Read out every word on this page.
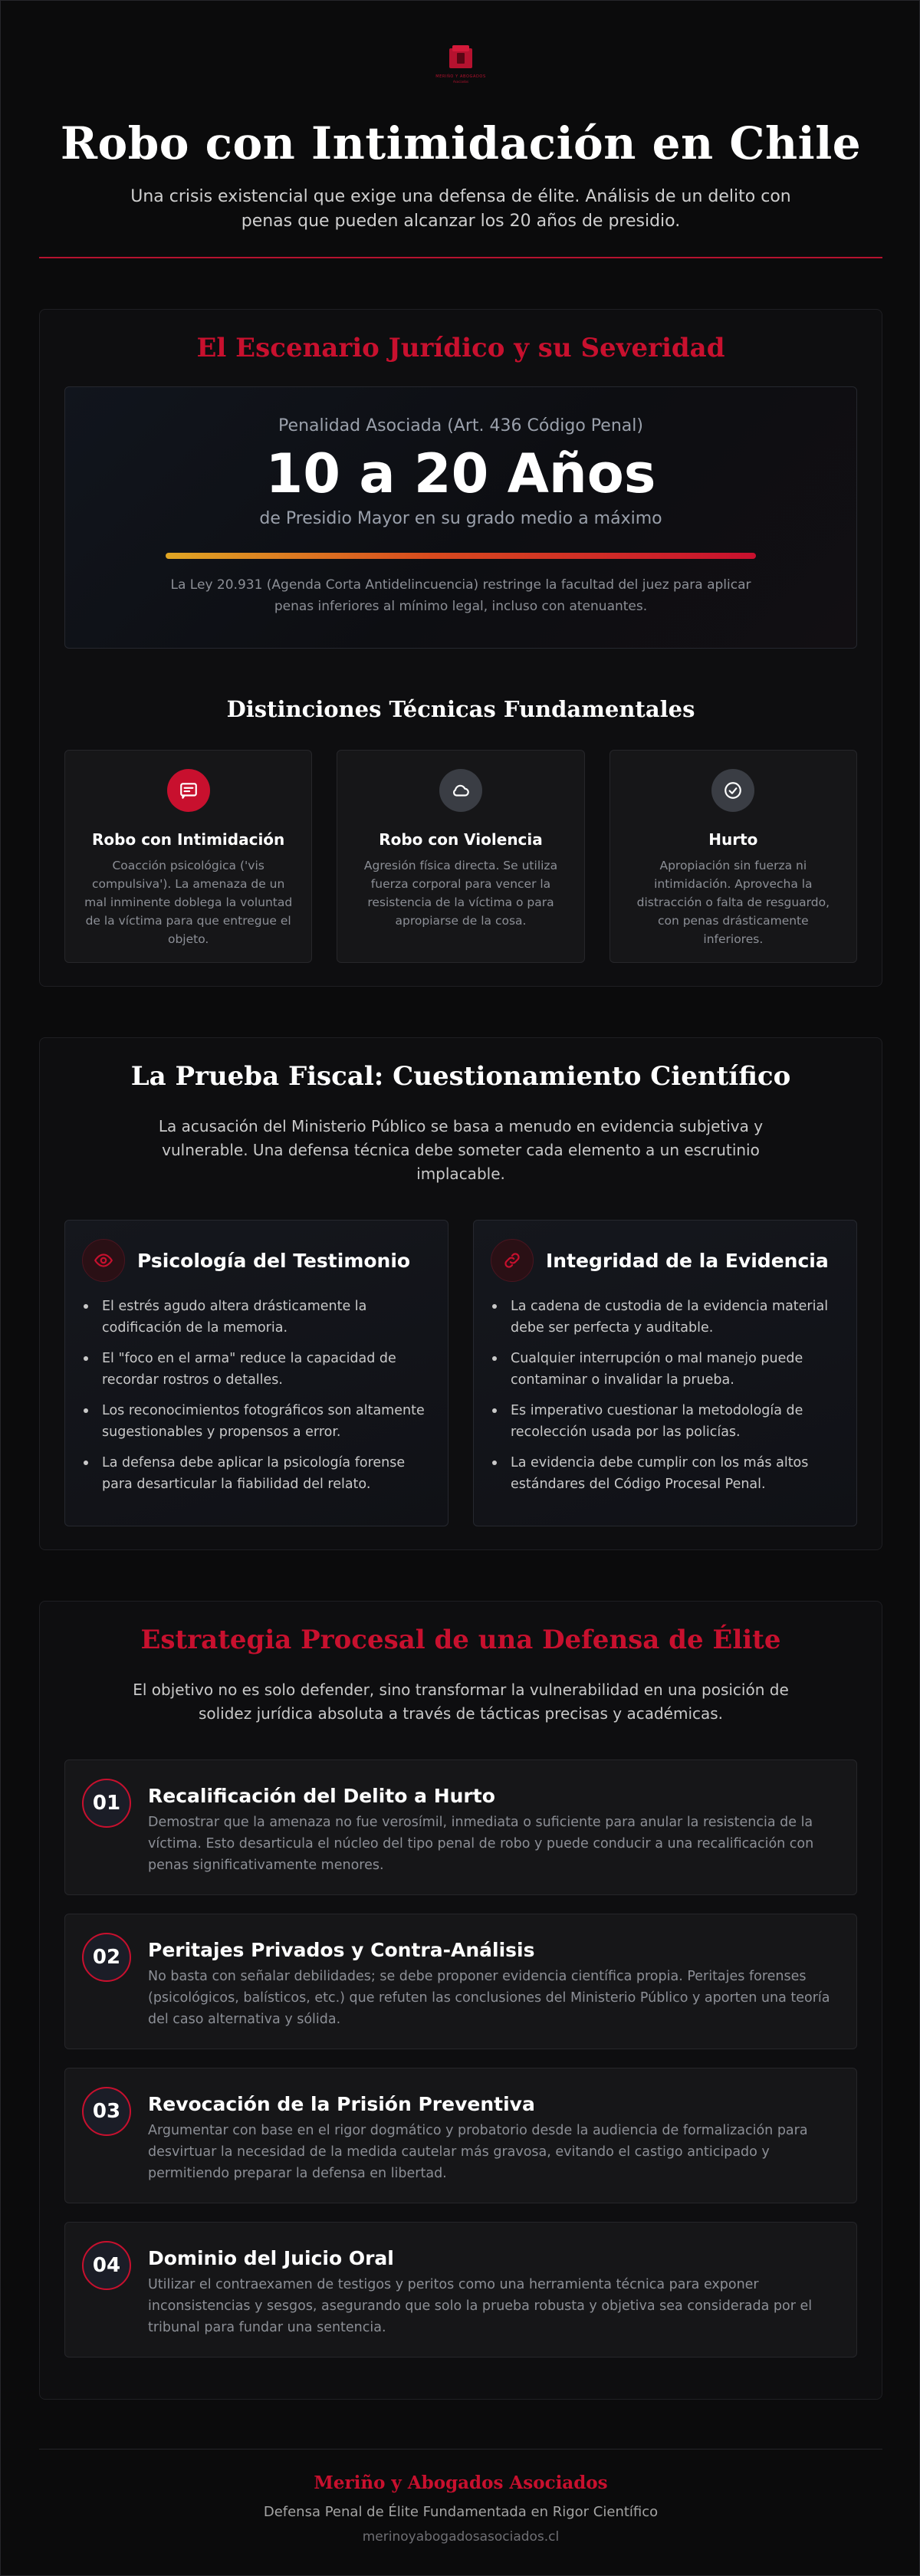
MERIÑO Y ABOGADOS
Asociados
Robo con Intimidación en Chile

Una crisis existencial que exige una defensa de élite. Análisis de un delito con penas que pueden alcanzar los 20 años de presidio.

El Escenario Jurídico y su Severidad
Penalidad Asociada (Art. 436 Código Penal)
10 a 20 Años
de Presidio Mayor en su grado medio a máximo
La Ley 20.931 (Agenda Corta Antidelincuencia) restringe la facultad del juez para aplicar penas inferiores al mínimo legal, incluso con atenuantes.
Distinciones Técnicas Fundamentales
Robo con Intimidación
Coacción psicológica ('vis compulsiva'). La amenaza de un mal inminente doblega la voluntad de la víctima para que entregue el objeto.
Robo con Violencia
Agresión física directa. Se utiliza fuerza corporal para vencer la resistencia de la víctima o para apropiarse de la cosa.
Hurto
Apropiación sin fuerza ni intimidación. Aprovecha la distracción o falta de resguardo, con penas drásticamente inferiores.
La Prueba Fiscal: Cuestionamiento Científico

La acusación del Ministerio Público se basa a menudo en evidencia subjetiva y vulnerable. Una defensa técnica debe someter cada elemento a un escrutinio implacable.

Psicología del Testimonio
El estrés agudo altera drásticamente la codificación de la memoria.
El "foco en el arma" reduce la capacidad de recordar rostros o detalles.
Los reconocimientos fotográficos son altamente sugestionables y propensos a error.
La defensa debe aplicar la psicología forense para desarticular la fiabilidad del relato.
Integridad de la Evidencia
La cadena de custodia de la evidencia material debe ser perfecta y auditable.
Cualquier interrupción o mal manejo puede contaminar o invalidar la prueba.
Es imperativo cuestionar la metodología de recolección usada por las policías.
La evidencia debe cumplir con los más altos estándares del Código Procesal Penal.
Estrategia Procesal de una Defensa de Élite

El objetivo no es solo defender, sino transformar la vulnerabilidad en una posición de solidez jurídica absoluta a través de tácticas precisas y académicas.

01	Recalificación del Delito a Hurto
Demostrar que la amenaza no fue verosímil, inmediata o suficiente para anular la resistencia de la víctima. Esto desarticula el núcleo del tipo penal de robo y puede conducir a una recalificación con penas significativamente menores.
02	Peritajes Privados y Contra-Análisis
No basta con señalar debilidades; se debe proponer evidencia científica propia. Peritajes forenses (psicológicos, balísticos, etc.) que refuten las conclusiones del Ministerio Público y aporten una teoría del caso alternativa y sólida.
03	Revocación de la Prisión Preventiva
Argumentar con base en el rigor dogmático y probatorio desde la audiencia de formalización para desvirtuar la necesidad de la medida cautelar más gravosa, evitando el castigo anticipado y permitiendo preparar la defensa en libertad.
04	Dominio del Juicio Oral
Utilizar el contraexamen de testigos y peritos como una herramienta técnica para exponer inconsistencias y sesgos, asegurando que solo la prueba robusta y objetiva sea considerada por el tribunal para fundar una sentencia.
Meriño y Abogados Asociados
Defensa Penal de Élite Fundamentada en Rigor Científico
merinoyabogadosasociados.cl
